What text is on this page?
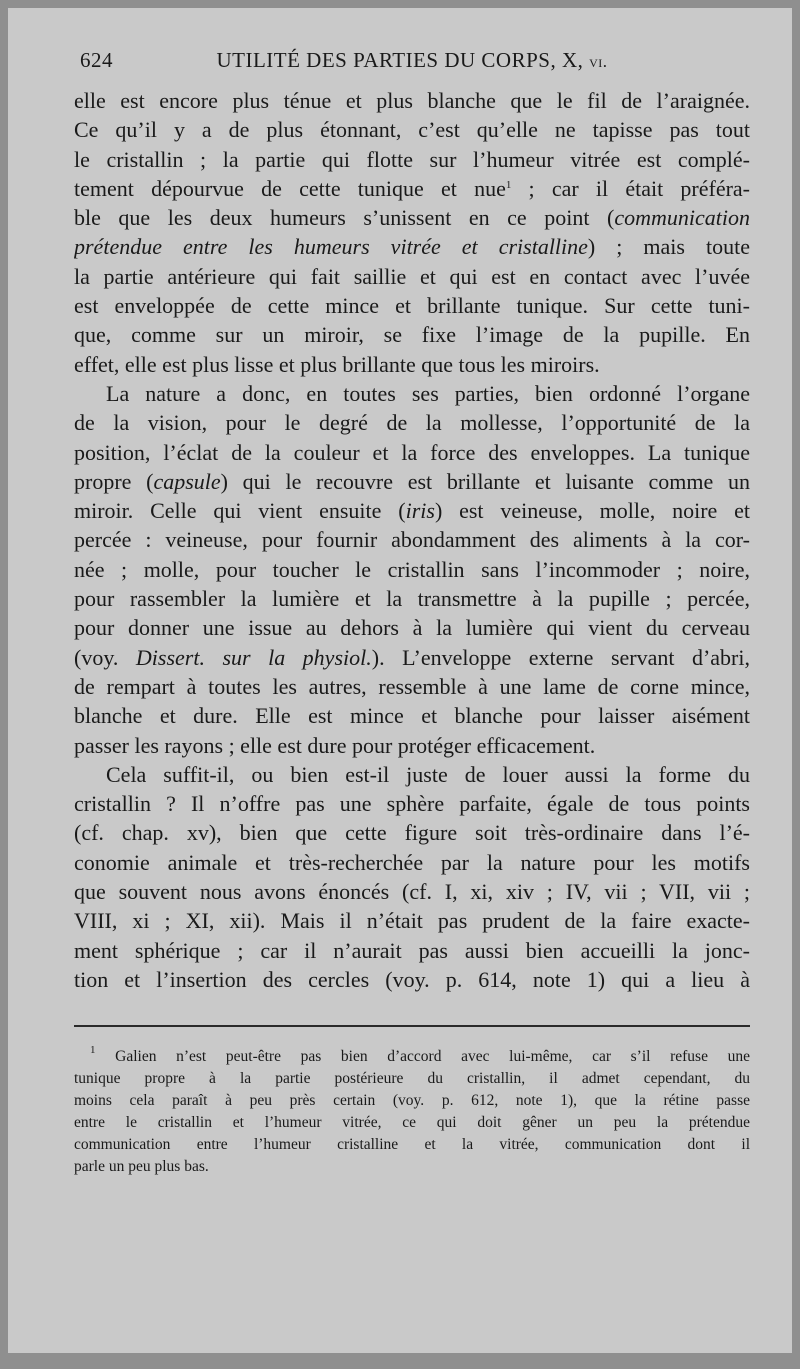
624	UTILITÉ DES PARTIES DU CORPS, X, vi.
elle est encore plus ténue et plus blanche que le fil de l’araignée.
Ce qu’il y a de plus étonnant, c’est qu’elle ne tapisse pas tout
le cristallin ; la partie qui flotte sur l’humeur vitrée est complé-
tement dépourvue de cette tunique et nue$^1$ ; car il était préféra-
ble que les deux humeurs s’unissent en ce point (communication
prétendue entre les humeurs vitrée et cristalline) ; mais toute
la partie antérieure qui fait saillie et qui est en contact avec l’uvée
est enveloppée de cette mince et brillante tunique. Sur cette tuni-
que, comme sur un miroir, se fixe l’image de la pupille. En
effet, elle est plus lisse et plus brillante que tous les miroirs.
La nature a donc, en toutes ses parties, bien ordonné l’organe
de la vision, pour le degré de la mollesse, l’opportunité de la
position, l’éclat de la couleur et la force des enveloppes. La tunique
propre (capsule) qui le recouvre est brillante et luisante comme un
miroir. Celle qui vient ensuite (iris) est veineuse, molle, noire et
percée : veineuse, pour fournir abondamment des aliments à la cor-
née ; molle, pour toucher le cristallin sans l’incommoder ; noire,
pour rassembler la lumière et la transmettre à la pupille ; percée,
pour donner une issue au dehors à la lumière qui vient du cerveau
(voy. Dissert. sur la physiol.). L’enveloppe externe servant d’abri,
de rempart à toutes les autres, ressemble à une lame de corne mince,
blanche et dure. Elle est mince et blanche pour laisser aisément
passer les rayons ; elle est dure pour protéger efficacement.
Cela suffit-il, ou bien est-il juste de louer aussi la forme du
cristallin ? Il n’offre pas une sphère parfaite, égale de tous points
(cf. chap. xv), bien que cette figure soit très-ordinaire dans l’é-
conomie animale et très-recherchée par la nature pour les motifs
que souvent nous avons énoncés (cf. I, xi, xiv ; IV, vii ; VII, vii ;
VIII, xi ; XI, xii). Mais il n’était pas prudent de la faire exacte-
ment sphérique ; car il n’aurait pas aussi bien accueilli la jonc-
tion et l’insertion des cercles (voy. p. 614, note 1) qui a lieu à
$^1$ Galien n’est peut-être pas bien d’accord avec lui-même, car s’il refuse une
tunique propre à la partie postérieure du cristallin, il admet cependant, du
moins cela paraît à peu près certain (voy. p. 612, note 1), que la rétine passe
entre le cristallin et l’humeur vitrée, ce qui doit gêner un peu la prétendue
communication entre l’humeur cristalline et la vitrée, communication dont il
parle un peu plus bas.
